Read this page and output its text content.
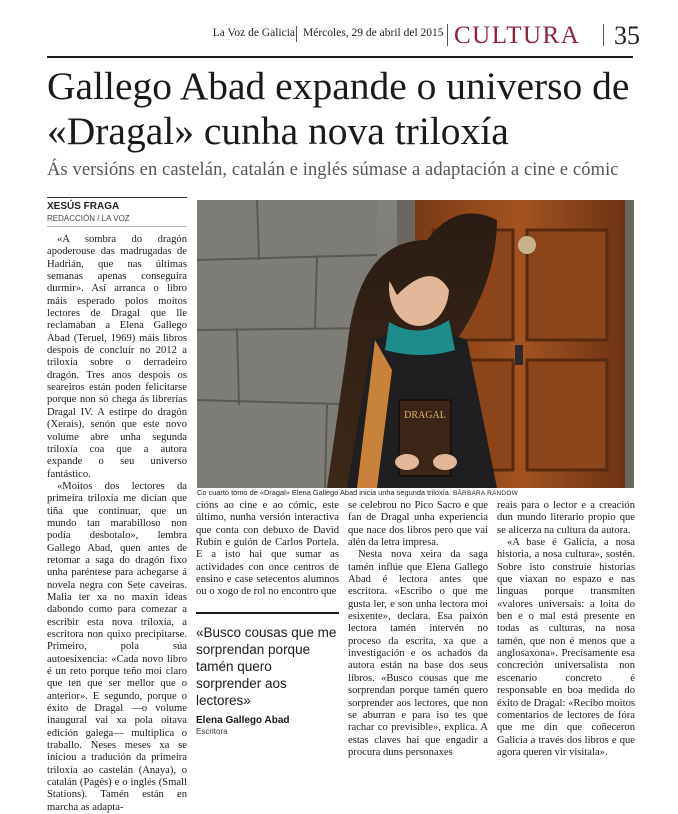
La Voz de Galicia Mércoles, 29 de abril del 2015 CULTURA 35
Gallego Abad expande o universo de «Dragal» cunha nova triloxía
Ás versións en castelán, catalán e inglés súmase a adaptación a cine e cómic
XESÚS FRAGA
REDACCIÓN / LA VOZ

«A sombra do dragón apoderouse das madrugadas de Hadrián, que nas últimas semanas apenas conseguira durmir». Así arranca o libro máis esperado polos moitos lectores de Dragal que lle reclamaban a Elena Gallego Abad (Teruel, 1969) máis libros despois de concluír no 2012 a triloxía sobre o derradeiro dragón. Tres anos despois os seareiros están poden felicitarse porque non só chega ás librerías Dragal IV. A estirpe do dragón (Xerais), senón que este novo volume abre unha segunda triloxía coa que a autora expande o seu universo fantástico.

«Moitos dos lectores da primeira triloxía me dicían que tiña que continuar, que un mundo tan marabilloso non podía desbotalo», lembra Gallego Abad, quen antes de retomar a saga do dragón fixo unha paréntese para achegarse á novela negra con Sete caveiras. Malia ter xa no maxín ideas dabondo como para comezar a escribir esta nova triloxía, a escritora non quixo precipitarse. Primeiro, pola súa autoesixencia: «Cada novo libro é un reto porque teño moi claro que ten que ser mellor que o anterior». E segundo, porque o éxito de Dragal —o volume inaugural vai xa pola oitava edición galega— multiplica o traballo. Neses meses xa se iniciou a tradución da primeira triloxía ao castelán (Anaya), o catalán (Pagès) e o inglés (Small Stations). Tamén están en marcha as adapta-

DRAGAL
Co cuarto tomo de «Dragal» Elena Gallego Abad inicia unha segunda triloxía. BÁRBARA RANDOW

cións ao cine e ao cómic, este último, nunha versión interactiva que conta con debuxo de David Rubín e guión de Carlos Portela. E a isto hai que sumar as actividades con once centros de ensino e case setecentos alumnos ou o xogo de rol no encontro que

«Busco cousas que me sorprendan porque tamén quero sorprender aos lectores»
Elena Gallego Abad
Escritora

se celebrou no Pico Sacro e que fan de Dragal unha experiencia que nace dos libros pero que vai alén da letra impresa.

Nesta nova xeira da saga tamén inflúe que Elena Gallego Abad é lectora antes que escritora. «Escribo o que me gusta ler, e son unha lectora moi esixente», declara. Esa paixón lectora tamén intervén no proceso da escrita, xa que a investigación e os achados da autora están na base dos seus libros. «Busco cousas que me sorprendan porque tamén quero sorprender aos lectores, que non se aburran e para iso tes que rachar co previsible», explica. A estas claves hai que engadir a procura duns personaxes

reais para o lector e a creación dun mundo literario propio que se alicerza na cultura da autora.

«A base é Galicia, a nosa historia, a nosa cultura», sostén. Sobre isto construíe historias que viaxan no espazo e nas linguas porque transmiten «valores universais: a loita do ben e o mal está presente en todas as culturas, na nosa tamén, que non é menos que a anglosaxona». Precisamente esa concreción universalista non escenario concreto é responsable en boa medida do éxito de Dragal: «Recibo moitos comentarios de lectores de fóra que me din que coñeceron Galicia a través dos libros e que agora queren vir visitala».
